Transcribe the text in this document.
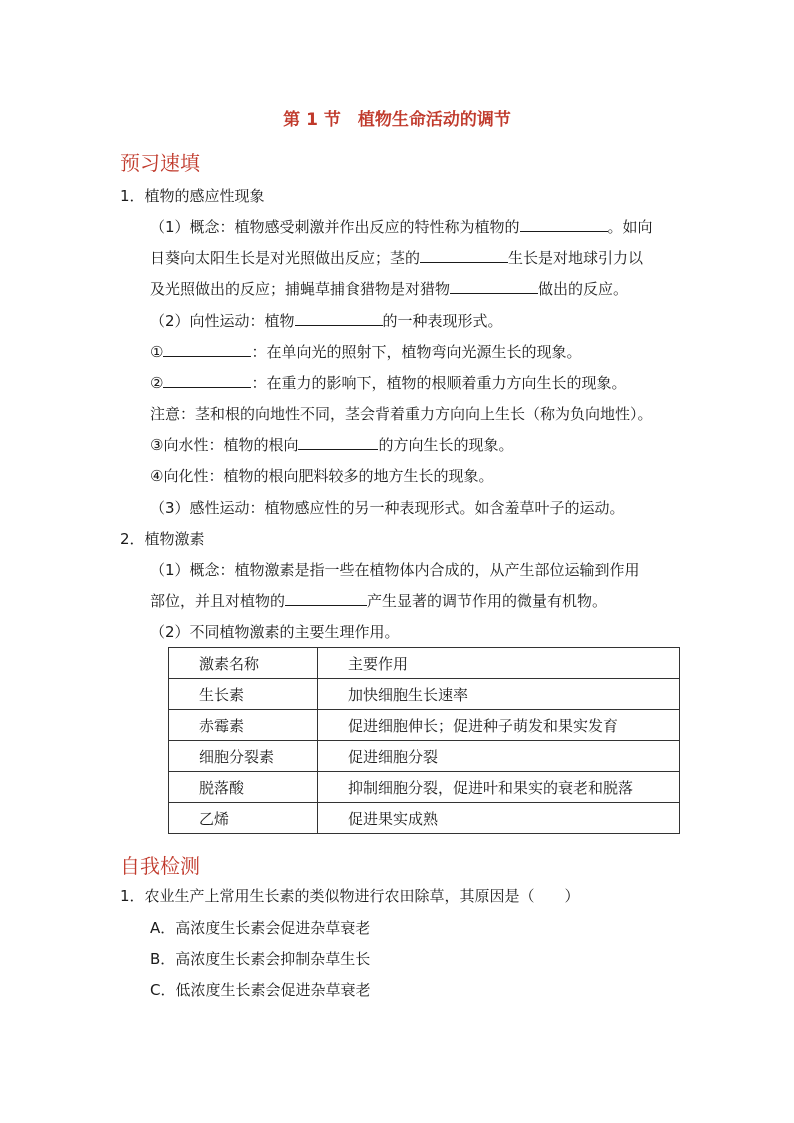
第 1 节　植物生命活动的调节
预习速填
1．植物的感应性现象
（1）概念：植物感受刺激并作出反应的特性称为植物的	。如向
日葵向太阳生长是对光照做出反应；茎的	生长是对地球引力以
及光照做出的反应；捕蝇草捕食猎物是对猎物	做出的反应。
（2）向性运动：植物	的一种表现形式。
①	：在单向光的照射下，植物弯向光源生长的现象。
②	：在重力的影响下，植物的根顺着重力方向生长的现象。
注意：茎和根的向地性不同，茎会背着重力方向向上生长（称为负向地性）。
③向水性：植物的根向	的方向生长的现象。
④向化性：植物的根向肥料较多的地方生长的现象。
（3）感性运动：植物感应性的另一种表现形式。如含羞草叶子的运动。
2．植物激素
（1）概念：植物激素是指一些在植物体内合成的，从产生部位运输到作用
部位，并且对植物的	产生显著的调节作用的微量有机物。
（2）不同植物激素的主要生理作用。
激素名称	主要作用
生长素	加快细胞生长速率
赤霉素	促进细胞伸长；促进种子萌发和果实发育
细胞分裂素	促进细胞分裂
脱落酸	抑制细胞分裂，促进叶和果实的衰老和脱落
乙烯	促进果实成熟
自我检测
1．农业生产上常用生长素的类似物进行农田除草，其原因是（　　）
A．高浓度生长素会促进杂草衰老
B．高浓度生长素会抑制杂草生长
C．低浓度生长素会促进杂草衰老
